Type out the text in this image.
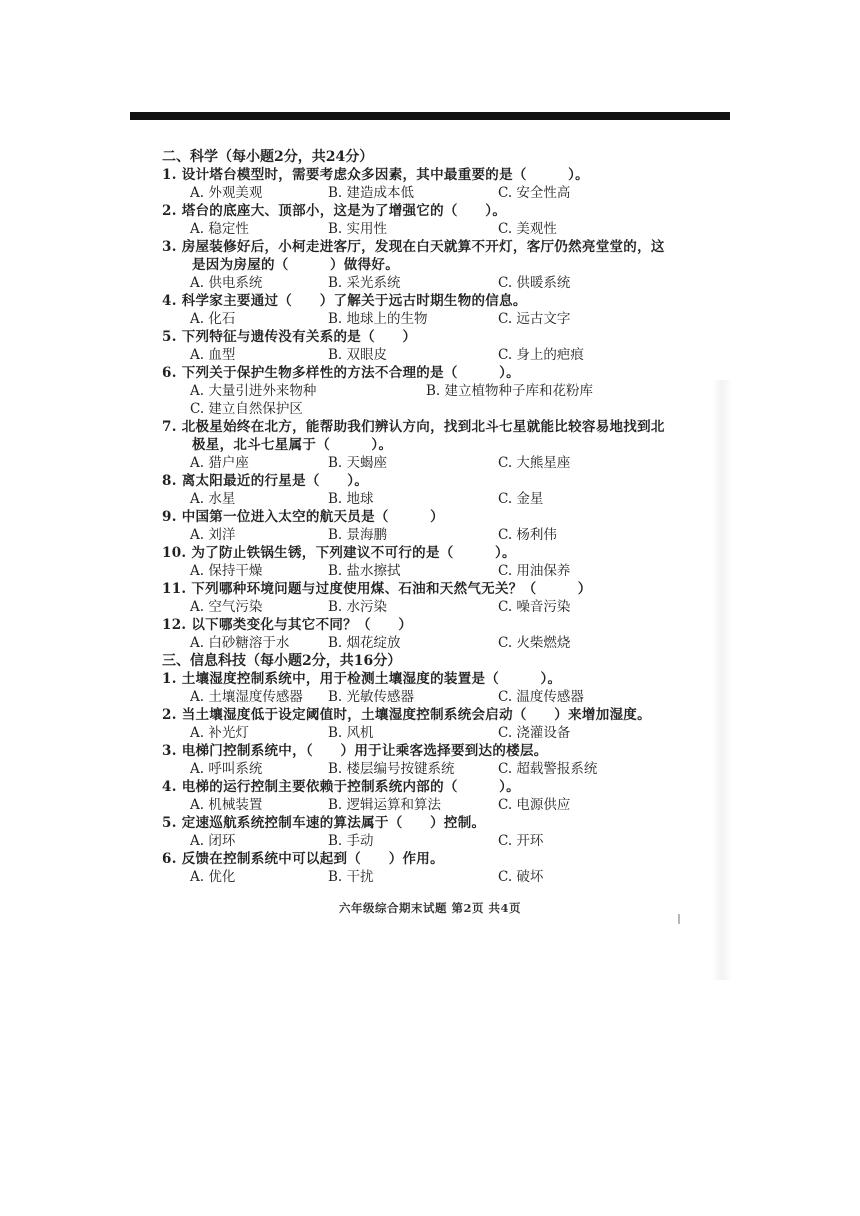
二、科学（每小题2分，共24分）
1. 设计塔台模型时，需要考虑众多因素，其中最重要的是（　　　）。
A. 外观美观	B. 建造成本低	C. 安全性高
2. 塔台的底座大、顶部小，这是为了增强它的（　　）。
A. 稳定性	B. 实用性	C. 美观性
3. 房屋装修好后，小柯走进客厅，发现在白天就算不开灯，客厅仍然亮堂堂的，这
是因为房屋的（　　　）做得好。
A. 供电系统	B. 采光系统	C. 供暖系统
4. 科学家主要通过（　　）了解关于远古时期生物的信息。
A. 化石	B. 地球上的生物	C. 远古文字
5. 下列特征与遗传没有关系的是（　　）
A. 血型	B. 双眼皮	C. 身上的疤痕
6. 下列关于保护生物多样性的方法不合理的是（　　　）。
A. 大量引进外来物种	B. 建立植物种子库和花粉库
C. 建立自然保护区
7. 北极星始终在北方，能帮助我们辨认方向，找到北斗七星就能比较容易地找到北
极星，北斗七星属于（　　　）。
A. 猎户座	B. 天蝎座	C. 大熊星座
8. 离太阳最近的行星是（　　）。
A. 水星	B. 地球	C. 金星
9. 中国第一位进入太空的航天员是（　　　）
A. 刘洋	B. 景海鹏	C. 杨利伟
10. 为了防止铁锅生锈，下列建议不可行的是（　　　）。
A. 保持干燥	B. 盐水擦拭	C. 用油保养
11. 下列哪种环境问题与过度使用煤、石油和天然气无关？（　　　）
A. 空气污染	B. 水污染	C. 噪音污染
12. 以下哪类变化与其它不同？（　　）
A. 白砂糖溶于水	B. 烟花绽放	C. 火柴燃烧
三、信息科技（每小题2分，共16分）
1. 土壤湿度控制系统中，用于检测土壤湿度的装置是（　　　）。
A. 土壤湿度传感器 B. 光敏传感器	C. 温度传感器
2. 当土壤湿度低于设定阈值时，土壤湿度控制系统会启动（　　）来增加湿度。
A. 补光灯	B. 风机	C. 浇灌设备
3. 电梯门控制系统中，（　　）用于让乘客选择要到达的楼层。
A. 呼叫系统	B. 楼层编号按键系统	C. 超载警报系统
4. 电梯的运行控制主要依赖于控制系统内部的（　　　）。
A. 机械装置	B. 逻辑运算和算法	C. 电源供应
5. 定速巡航系统控制车速的算法属于（　　）控制。
A. 闭环	B. 手动	C. 开环
6. 反馈在控制系统中可以起到（　　）作用。
A. 优化	B. 干扰	C. 破坏
六年级综合期末试题 第2页 共4页
